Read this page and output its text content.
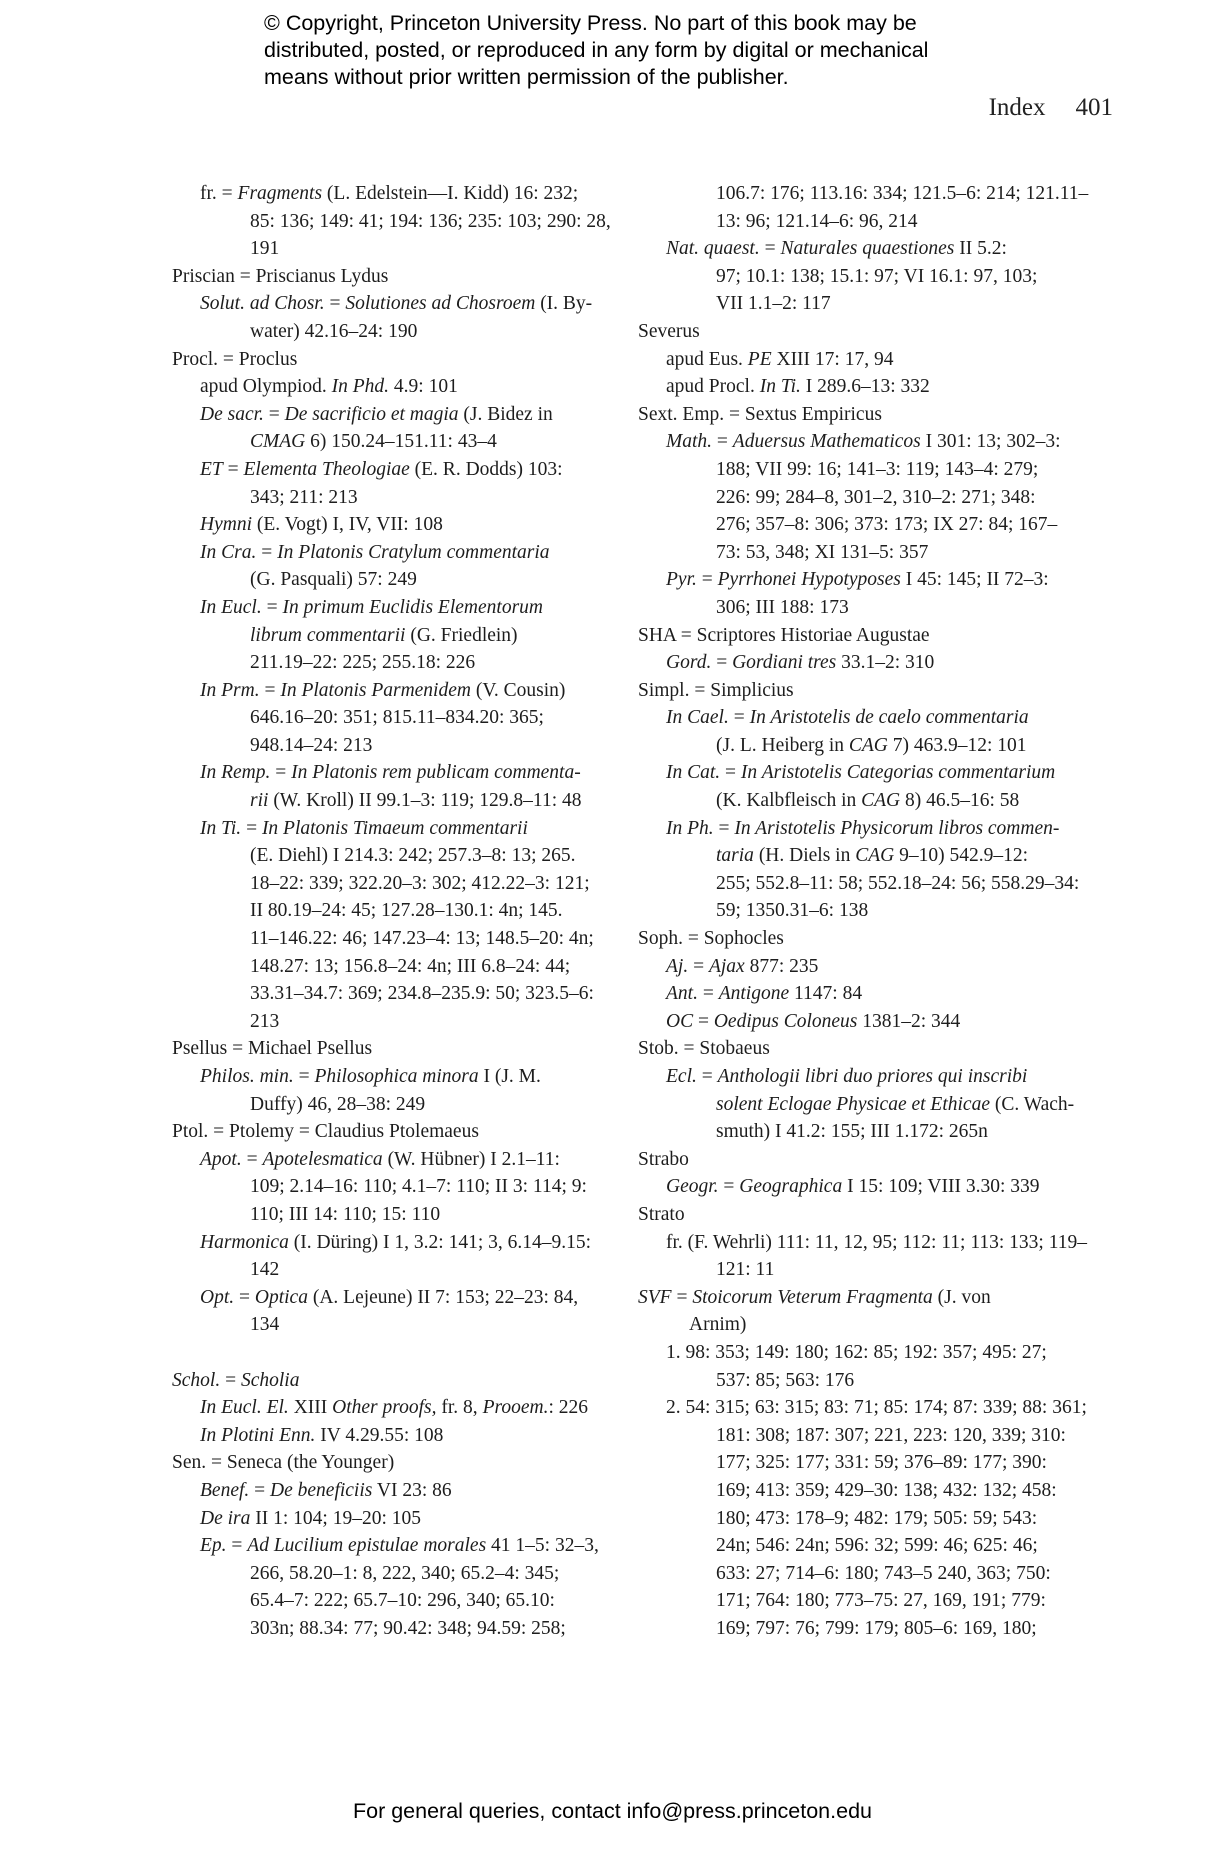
© Copyright, Princeton University Press. No part of this book may be
distributed, posted, or reproduced in any form by digital or mechanical
means without prior written permission of the publisher.
Index 401
fr. = Fragments (L. Edelstein—I. Kidd) 16: 232;
85: 136; 149: 41; 194: 136; 235: 103; 290: 28,
191
Priscian = Priscianus Lydus
Solut. ad Chosr. = Solutiones ad Chosroem (I. By-
water) 42.16–24: 190
Procl. = Proclus
apud Olympiod. In Phd. 4.9: 101
De sacr. = De sacrificio et magia (J. Bidez in
CMAG 6) 150.24–151.11: 43–4
ET = Elementa Theologiae (E. R. Dodds) 103:
343; 211: 213
Hymni (E. Vogt) I, IV, VII: 108
In Cra. = In Platonis Cratylum commentaria
(G. Pasquali) 57: 249
In Eucl. = In primum Euclidis Elementorum
librum commentarii (G. Friedlein)
211.19–22: 225; 255.18: 226
In Prm. = In Platonis Parmenidem (V. Cousin)
646.16–20: 351; 815.11–834.20: 365;
948.14–24: 213
In Remp. = In Platonis rem publicam commenta-
rii (W. Kroll) II 99.1–3: 119; 129.8–11: 48
In Ti. = In Platonis Timaeum commentarii
(E. Diehl) I 214.3: 242; 257.3–8: 13; 265.
18–22: 339; 322.20–3: 302; 412.22–3: 121;
II 80.19–24: 45; 127.28–130.1: 4n; 145.
11–146.22: 46; 147.23–4: 13; 148.5–20: 4n;
148.27: 13; 156.8–24: 4n; III 6.8–24: 44;
33.31–34.7: 369; 234.8–235.9: 50; 323.5–6:
213
Psellus = Michael Psellus
Philos. min. = Philosophica minora I (J. M.
Duffy) 46, 28–38: 249
Ptol. = Ptolemy = Claudius Ptolemaeus
Apot. = Apotelesmatica (W. Hübner) I 2.1–11:
109; 2.14–16: 110; 4.1–7: 110; II 3: 114; 9:
110; III 14: 110; 15: 110
Harmonica (I. Düring) I 1, 3.2: 141; 3, 6.14–9.15:
142
Opt. = Optica (A. Lejeune) II 7: 153; 22–23: 84,
134
Schol. = Scholia
In Eucl. El. XIII Other proofs, fr. 8, Prooem.: 226
In Plotini Enn. IV 4.29.55: 108
Sen. = Seneca (the Younger)
Benef. = De beneficiis VI 23: 86
De ira II 1: 104; 19–20: 105
Ep. = Ad Lucilium epistulae morales 41 1–5: 32–3,
266, 58.20–1: 8, 222, 340; 65.2–4: 345;
65.4–7: 222; 65.7–10: 296, 340; 65.10:
303n; 88.34: 77; 90.42: 348; 94.59: 258;
106.7: 176; 113.16: 334; 121.5–6: 214; 121.11–
13: 96; 121.14–6: 96, 214
Nat. quaest. = Naturales quaestiones II 5.2:
97; 10.1: 138; 15.1: 97; VI 16.1: 97, 103;
VII 1.1–2: 117
Severus
apud Eus. PE XIII 17: 17, 94
apud Procl. In Ti. I 289.6–13: 332
Sext. Emp. = Sextus Empiricus
Math. = Aduersus Mathematicos I 301: 13; 302–3:
188; VII 99: 16; 141–3: 119; 143–4: 279;
226: 99; 284–8, 301–2, 310–2: 271; 348:
276; 357–8: 306; 373: 173; IX 27: 84; 167–
73: 53, 348; XI 131–5: 357
Pyr. = Pyrrhonei Hypotyposes I 45: 145; II 72–3:
306; III 188: 173
SHA = Scriptores Historiae Augustae
Gord. = Gordiani tres 33.1–2: 310
Simpl. = Simplicius
In Cael. = In Aristotelis de caelo commentaria
(J. L. Heiberg in CAG 7) 463.9–12: 101
In Cat. = In Aristotelis Categorias commentarium
(K. Kalbfleisch in CAG 8) 46.5–16: 58
In Ph. = In Aristotelis Physicorum libros commen-
taria (H. Diels in CAG 9–10) 542.9–12:
255; 552.8–11: 58; 552.18–24: 56; 558.29–34:
59; 1350.31–6: 138
Soph. = Sophocles
Aj. = Ajax 877: 235
Ant. = Antigone 1147: 84
OC = Oedipus Coloneus 1381–2: 344
Stob. = Stobaeus
Ecl. = Anthologii libri duo priores qui inscribi
solent Eclogae Physicae et Ethicae (C. Wach-
smuth) I 41.2: 155; III 1.172: 265n
Strabo
Geogr. = Geographica I 15: 109; VIII 3.30: 339
Strato
fr. (F. Wehrli) 111: 11, 12, 95; 112: 11; 113: 133; 119–
121: 11
SVF = Stoicorum Veterum Fragmenta (J. von
Arnim)
1. 98: 353; 149: 180; 162: 85; 192: 357; 495: 27;
537: 85; 563: 176
2. 54: 315; 63: 315; 83: 71; 85: 174; 87: 339; 88: 361;
181: 308; 187: 307; 221, 223: 120, 339; 310:
177; 325: 177; 331: 59; 376–89: 177; 390:
169; 413: 359; 429–30: 138; 432: 132; 458:
180; 473: 178–9; 482: 179; 505: 59; 543:
24n; 546: 24n; 596: 32; 599: 46; 625: 46;
633: 27; 714–6: 180; 743–5 240, 363; 750:
171; 764: 180; 773–75: 27, 169, 191; 779:
169; 797: 76; 799: 179; 805–6: 169, 180;
For general queries, contact info@press.princeton.edu
